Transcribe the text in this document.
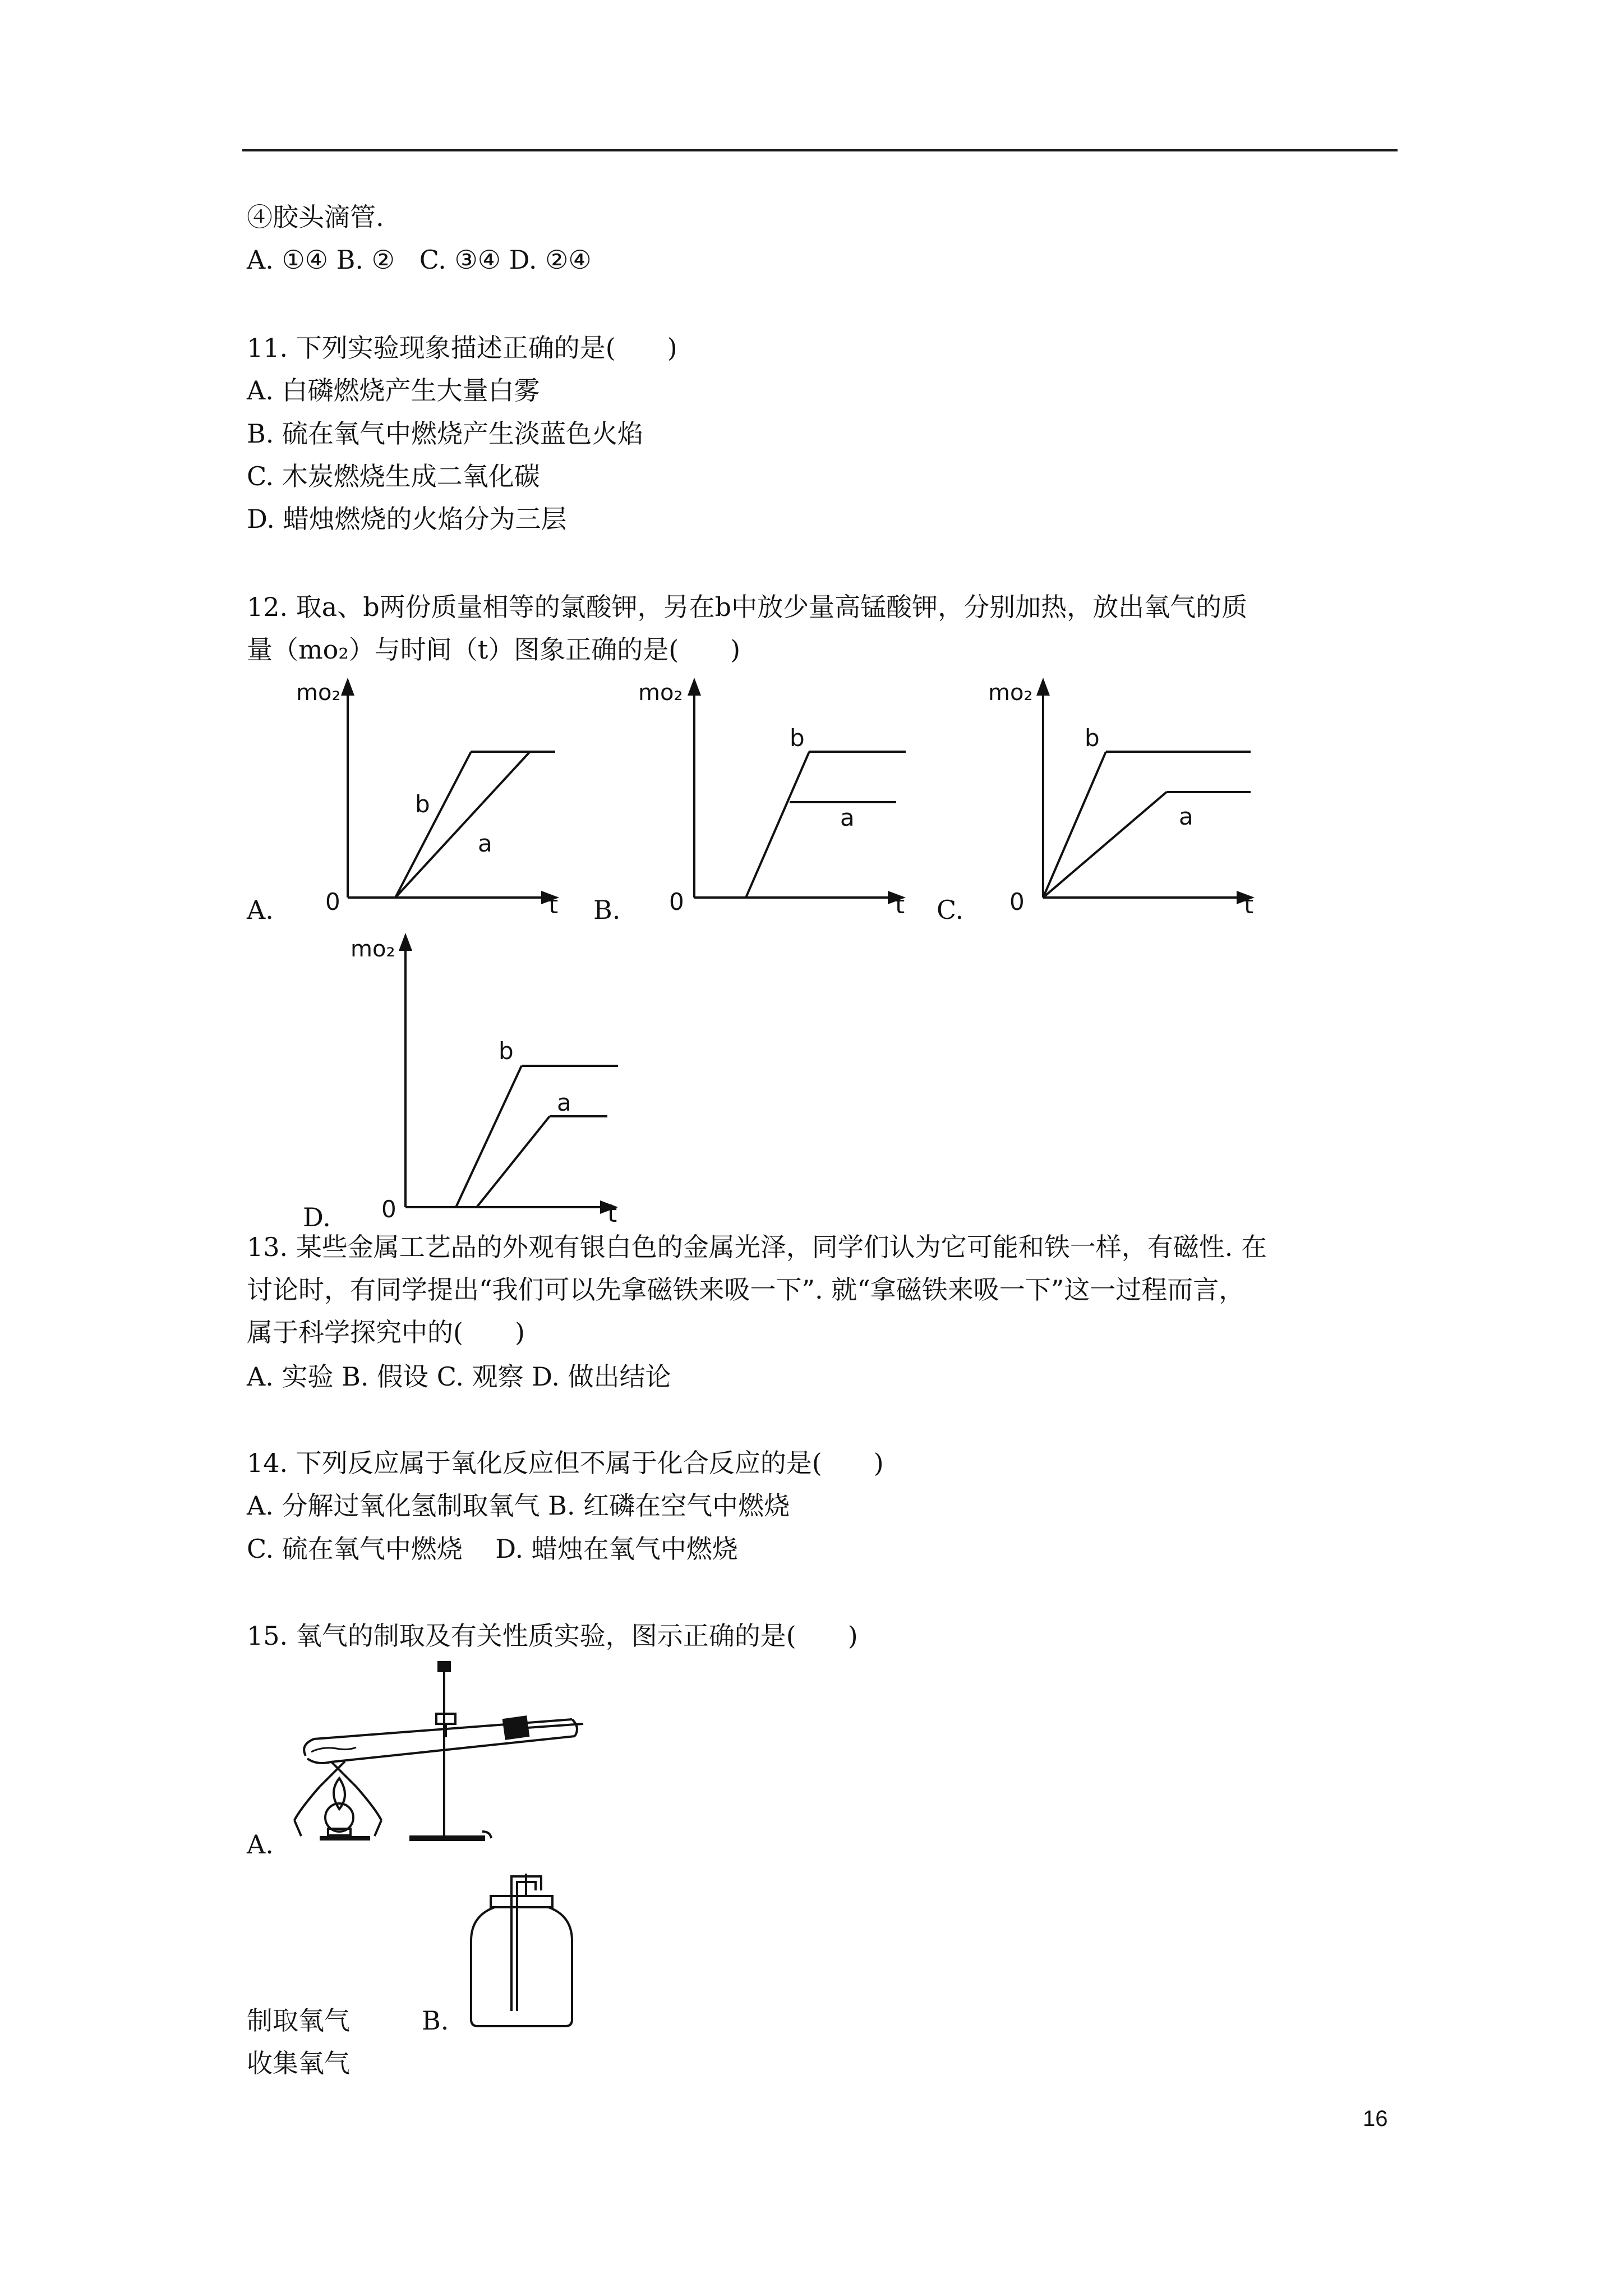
④胶头滴管.
A. ①④ B. ②   C. ③④ D. ②④
11. 下列实验现象描述正确的是(　　)
A. 白磷燃烧产生大量白雾
B. 硫在氧气中燃烧产生淡蓝色火焰
C. 木炭燃烧生成二氧化碳
D. 蜡烛燃烧的火焰分为三层
12. 取a、b两份质量相等的氯酸钾，另在b中放少量高锰酸钾，分别加热，放出氧气的质
量（mo₂）与时间（t）图象正确的是(　　)
A.
mo₂
0	t
b
a
B.
mo₂
0	t
b
a
C.
mo₂
0	t
b
a
D.
mo₂
0	t
b
a
13. 某些金属工艺品的外观有银白色的金属光泽，同学们认为它可能和铁一样，有磁性. 在
讨论时，有同学提出“我们可以先拿磁铁来吸一下”. 就“拿磁铁来吸一下”这一过程而言，
属于科学探究中的(　　)
A. 实验 B. 假设 C. 观察 D. 做出结论
14. 下列反应属于氧化反应但不属于化合反应的是(　　)
A. 分解过氧化氢制取氧气 B. 红磷在空气中燃烧
C. 硫在氧气中燃烧    D. 蜡烛在氧气中燃烧
15. 氧气的制取及有关性质实验，图示正确的是(　　)
A.
制取氧气	B.
收集氧气
16
